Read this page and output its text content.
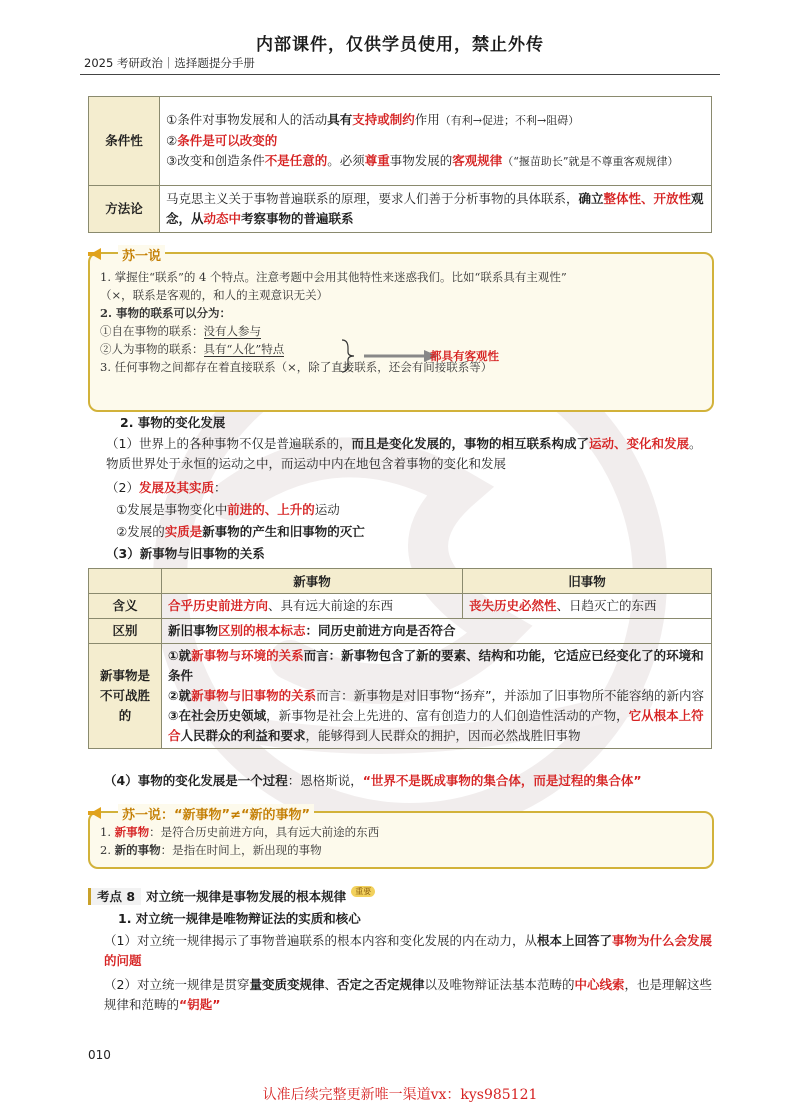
内部课件，仅供学员使用，禁止外传
2025 考研政治｜选择题提分手册
条件性	①条件对事物发展和人的活动具有支持或制约作用（有利→促进；不利→阻碍）
②条件是可以改变的
③改变和创造条件不是任意的。必须尊重事物发展的客观规律（“揠苗助长”就是不尊重客观规律）

方法论	马克思主义关于事物普遍联系的原理，要求人们善于分析事物的具体联系，确立整体性、开放性观念，从动态中考察事物的普遍联系
苏一说
1. 掌握住“联系”的 4 个特点。注意考题中会用其他特性来迷惑我们。比如“联系具有主观性”
（×，联系是客观的，和人的主观意识无关）
2. 事物的联系可以分为：
①自在事物的联系：没有人参与
②人为事物的联系：具有“人化”特点
3. 任何事物之间都存在着直接联系（×，除了直接联系，还会有间接联系等）
都具有客观性
2. 事物的变化发展
（1）世界上的各种事物不仅是普遍联系的，而且是变化发展的，事物的相互联系构成了运动、变化和发展。物质世界处于永恒的运动之中，而运动中内在地包含着事物的变化和发展
（2）发展及其实质：
①发展是事物变化中前进的、上升的运动
②发展的实质是新事物的产生和旧事物的灭亡
（3）新事物与旧事物的关系
	新事物	旧事物
含义	合乎历史前进方向、具有远大前途的东西	丧失历史必然性、日趋灭亡的东西
区别	新旧事物区别的根本标志：同历史前进方向是否符合	
新事物是不可战胜的	①就新事物与环境的关系而言：新事物包含了新的要素、结构和功能，它适应已经变化了的环境和条件
②就新事物与旧事物的关系而言：新事物是对旧事物“扬弃”，并添加了旧事物所不能容纳的新内容
③在社会历史领域，新事物是社会上先进的、富有创造力的人们创造性活动的产物，它从根本上符合人民群众的利益和要求，能够得到人民群众的拥护，因而必然战胜旧事物	
（4）事物的变化发展是一个过程：恩格斯说，“世界不是既成事物的集合体，而是过程的集合体”
苏一说：“新事物”≠“新的事物”
1. 新事物：是符合历史前进方向，具有远大前途的东西
2. 新的事物：是指在时间上，新出现的事物
考点 8 对立统一规律是事物发展的根本规律 重要
1. 对立统一规律是唯物辩证法的实质和核心
（1）对立统一规律揭示了事物普遍联系的根本内容和变化发展的内在动力，从根本上回答了事物为什么会发展的问题
（2）对立统一规律是贯穿量变质变规律、否定之否定规律以及唯物辩证法基本范畴的中心线索，也是理解这些规律和范畴的“钥匙”
010
认准后续完整更新唯一渠道vx：kys985121
